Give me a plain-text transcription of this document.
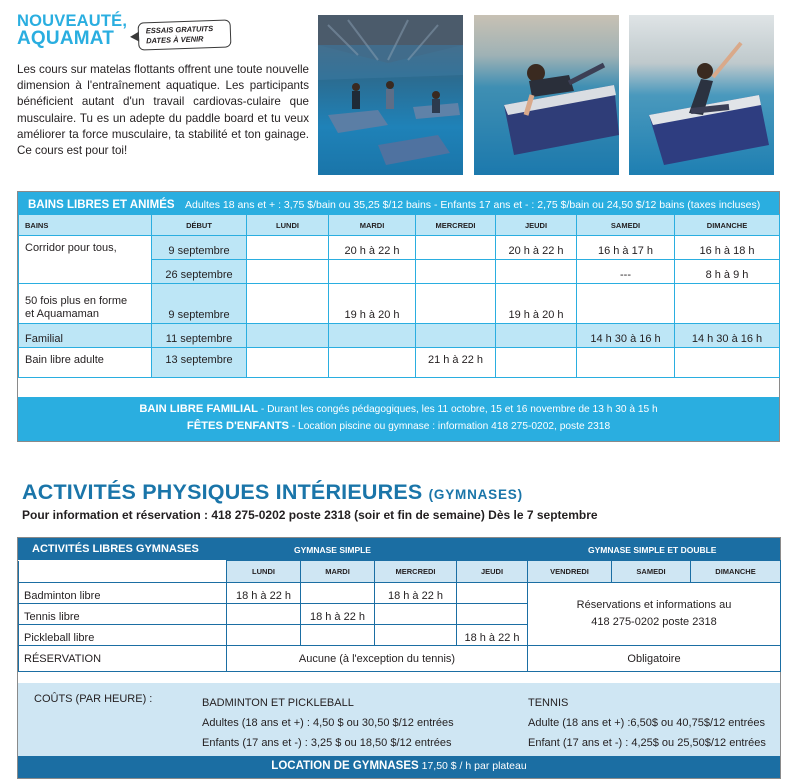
NOUVEAUTÉ,
AQUAMAT	ESSAIS GRATUITS
DATES À VENIR
Les cours sur matelas flottants offrent une toute nouvelle dimension à l'entraînement aquatique. Les participants bénéficient autant d'un travail cardiovas-culaire que musculaire. Tu es un adepte du paddle board et tu veux améliorer ta force musculaire, ta stabilité et ton gainage. Ce cours est pour toi!
BAINS LIBRES ET ANIMÉS Adultes 18 ans et + : 3,75 $/bain ou 35,25 $/12 bains - Enfants 17 ans et - : 2,75 $/bain ou 24,50 $/12 bains (taxes incluses)
BAINS	DÉBUT	LUNDI	MARDI	MERCREDI	JEUDI	SAMEDI	DIMANCHE
Corridor pour tous,	9 septembre		20 h à 22 h		20 h à 22 h	16 h à 17 h	16 h à 18 h
	26 septembre					---	8 h à 9 h

50 fois plus en forme
et Aquamaman	9 septembre		19 h à 20 h		19 h à 20 h		
Familial	11 septembre					14 h 30 à 16 h	14 h 30 à 16 h
Bain libre adulte	13 septembre			21 h à 22 h			
BAIN LIBRE FAMILIAL - Durant les congés pédagogiques, les 11 octobre, 15 et 16 novembre de 13 h 30 à 15 h
FÊTES D'ENFANTS - Location piscine ou gymnase : information 418 275-0202, poste 2318
ACTIVITÉS PHYSIQUES INTÉRIEURES (GYMNASES)
Pour information et réservation : 418 275-0202 poste 2318 (soir et fin de semaine) Dès le 7 septembre
ACTIVITÉS LIBRES GYMNASES	GYMNASE SIMPLE	GYMNASE SIMPLE ET DOUBLE
	LUNDI	MARDI	MERCREDI	JEUDI	VENDREDI	SAMEDI	DIMANCHE
Badminton libre	18 h à 22 h		18 h à 22 h		Réservations et informations au
418 275-0202 poste 2318		

Tennis libre		18 h à 22 h					
Pickleball libre				18 h à 22 h			
RÉSERVATION	Aucune (à l'exception du tennis)				Obligatoire		
COÛTS (PAR HEURE) :	BADMINTON ET PICKLEBALL
Adultes (18 ans et +) : 4,50 $ ou 30,50 $/12 entrées
Enfants (17 ans et -) : 3,25 $ ou 18,50 $/12 entrées
TENNIS
Adulte (18 ans et +) :6,50$ ou 40,75$/12 entrées
Enfant (17 ans et -) : 4,25$ ou 25,50$/12 entrées
LOCATION DE GYMNASES 17,50 $ / h par plateau
